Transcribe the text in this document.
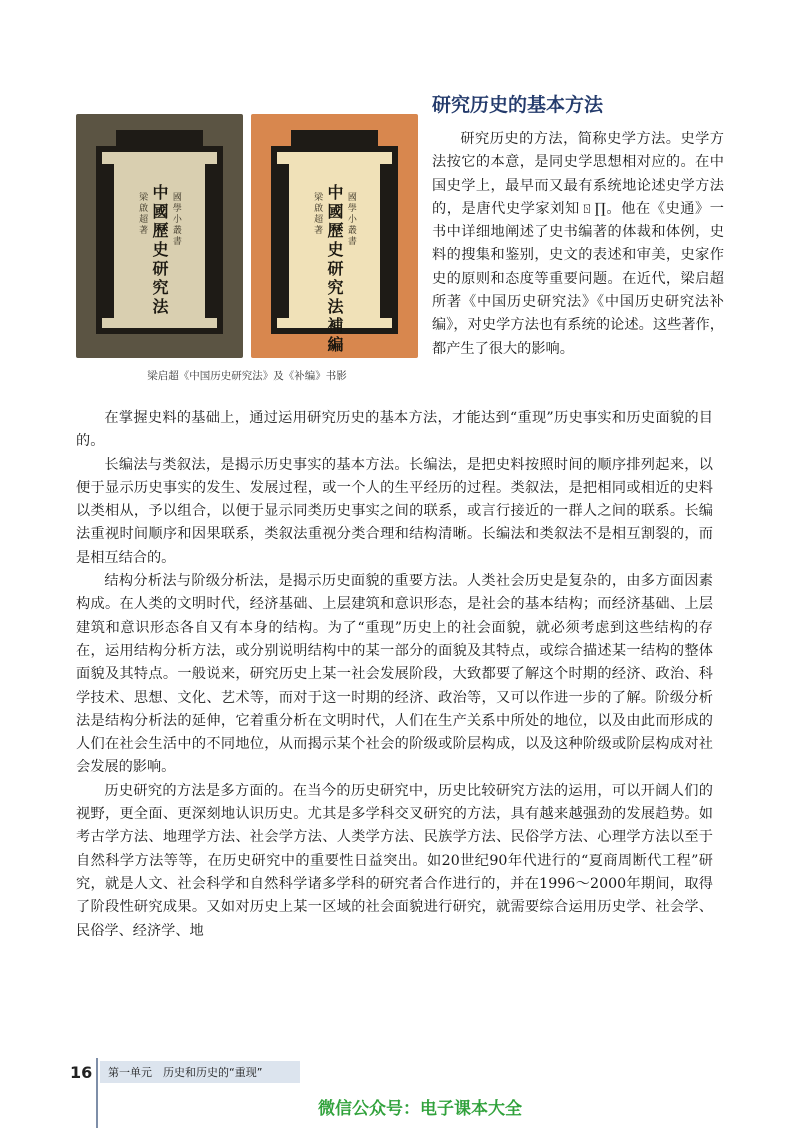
國學小叢書
中國歷史研究法
梁啟超著	國學小叢書
中國歷史研究法補編
梁啟超著
梁启超《中国历史研究法》及《补编》书影
研究历史的基本方法

研究历史的方法，简称史学方法。史学方法按它的本意，是同史学思想相对应的。在中国史学上，最早而又最有系统地论述史学方法的，是唐代史学家刘知ㄖ∏。他在《史通》一书中详细地阐述了史书编著的体裁和体例，史料的搜集和鉴别，史文的表述和审美，史家作史的原则和态度等重要问题。在近代，梁启超所著《中国历史研究法》《中国历史研究法补编》，对史学方法也有系统的论述。这些著作，都产生了很大的影响。

在掌握史料的基础上，通过运用研究历史的基本方法，才能达到“重现”历史事实和历史面貌的目的。

长编法与类叙法，是揭示历史事实的基本方法。长编法，是把史料按照时间的顺序排列起来，以便于显示历史事实的发生、发展过程，或一个人的生平经历的过程。类叙法，是把相同或相近的史料以类相从，予以组合，以便于显示同类历史事实之间的联系，或言行接近的一群人之间的联系。长编法重视时间顺序和因果联系，类叙法重视分类合理和结构清晰。长编法和类叙法不是相互割裂的，而是相互结合的。

结构分析法与阶级分析法，是揭示历史面貌的重要方法。人类社会历史是复杂的，由多方面因素构成。在人类的文明时代，经济基础、上层建筑和意识形态，是社会的基本结构；而经济基础、上层建筑和意识形态各自又有本身的结构。为了“重现”历史上的社会面貌，就必须考虑到这些结构的存在，运用结构分析方法，或分别说明结构中的某一部分的面貌及其特点，或综合描述某一结构的整体面貌及其特点。一般说来，研究历史上某一社会发展阶段，大致都要了解这个时期的经济、政治、科学技术、思想、文化、艺术等，而对于这一时期的经济、政治等，又可以作进一步的了解。阶级分析法是结构分析法的延伸，它着重分析在文明时代，人们在生产关系中所处的地位，以及由此而形成的人们在社会生活中的不同地位，从而揭示某个社会的阶级或阶层构成，以及这种阶级或阶层构成对社会发展的影响。

历史研究的方法是多方面的。在当今的历史研究中，历史比较研究方法的运用，可以开阔人们的视野，更全面、更深刻地认识历史。尤其是多学科交叉研究的方法，具有越来越强劲的发展趋势。如考古学方法、地理学方法、社会学方法、人类学方法、民族学方法、民俗学方法、心理学方法以至于自然科学方法等等，在历史研究中的重要性日益突出。如20世纪90年代进行的“夏商周断代工程”研究，就是人文、社会科学和自然科学诸多学科的研究者合作进行的，并在1996～2000年期间，取得了阶段性研究成果。又如对历史上某一区域的社会面貌进行研究，就需要综合运用历史学、社会学、民俗学、经济学、地

16 第一单元　历史和历史的“重现”
微信公众号：电子课本大全
